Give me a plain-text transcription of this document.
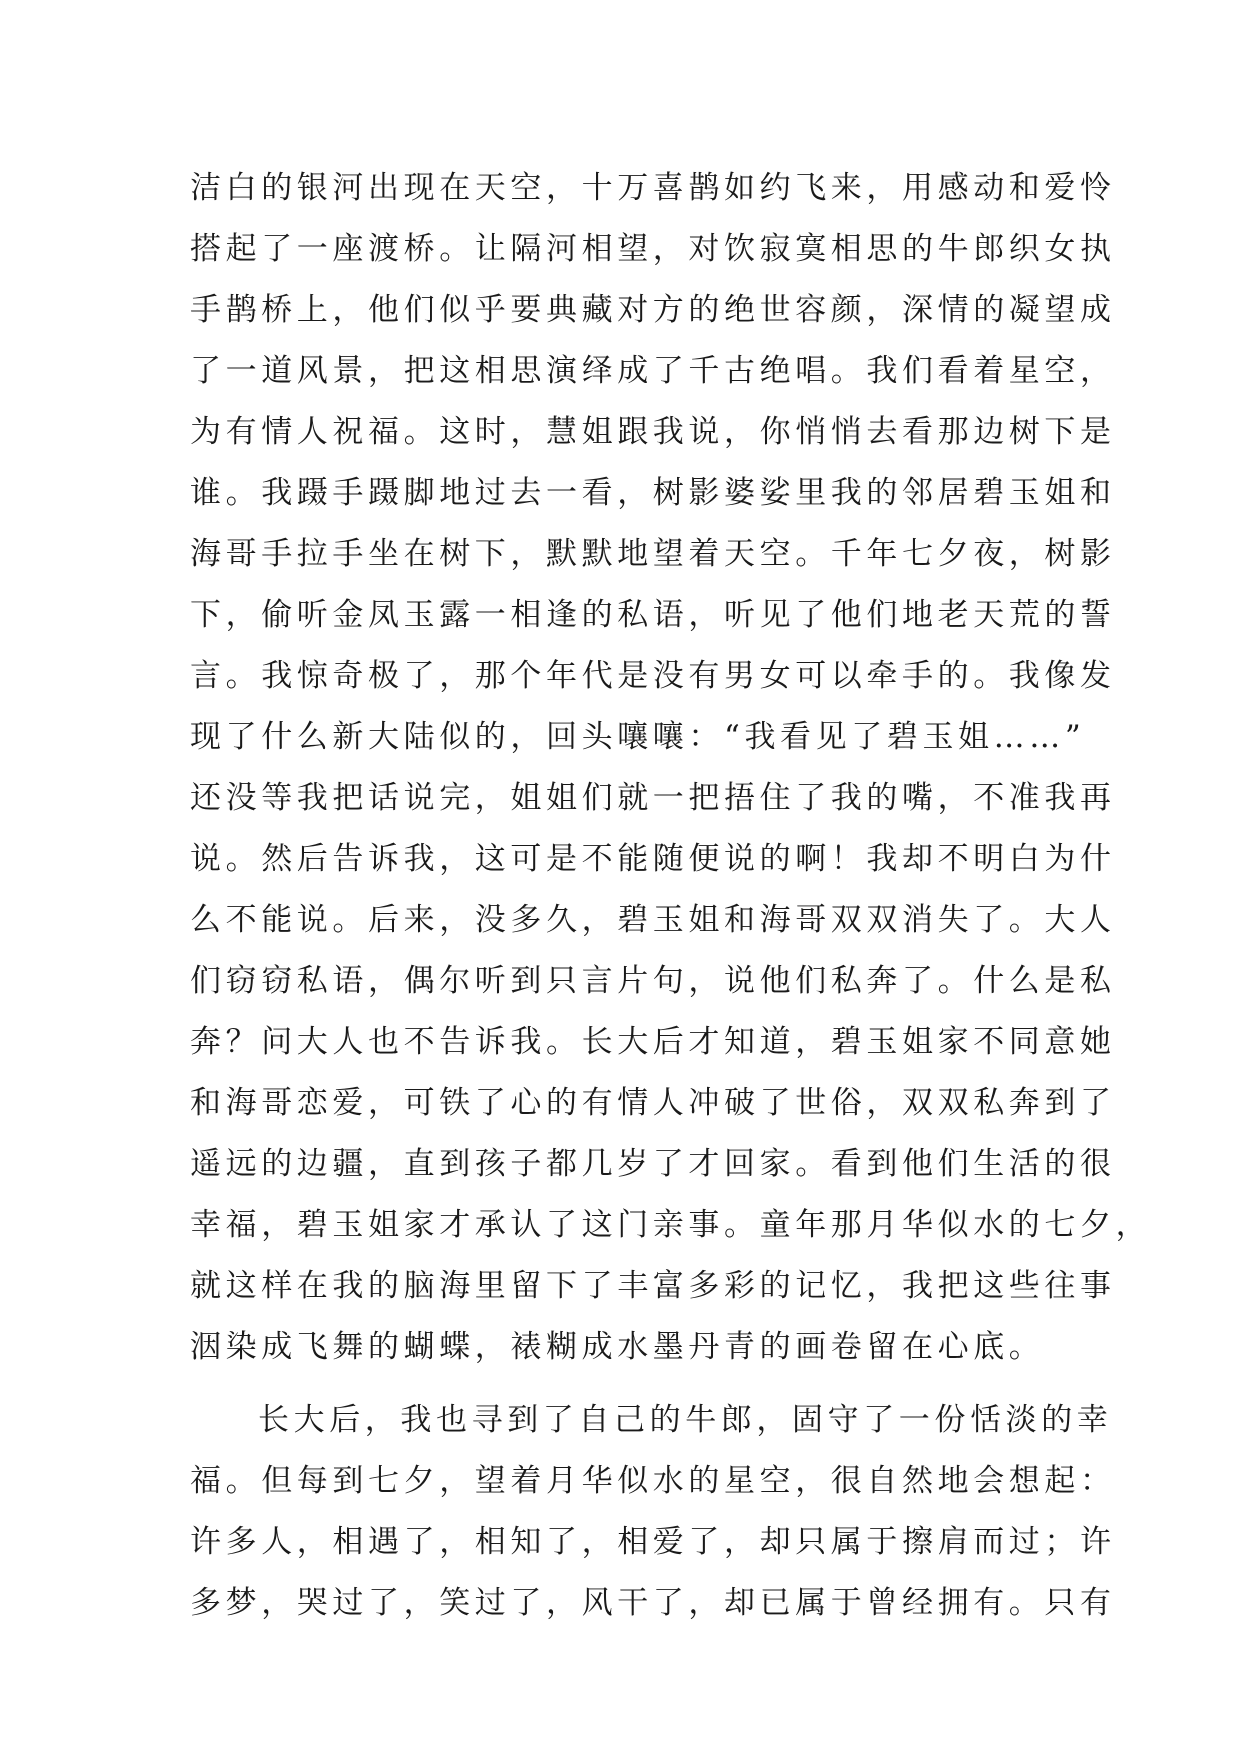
洁白的银河出现在天空，十万喜鹊如约飞来，用感动和爱怜
搭起了一座渡桥。让隔河相望，对饮寂寞相思的牛郎织女执
手鹊桥上，他们似乎要典藏对方的绝世容颜，深情的凝望成
了一道风景，把这相思演绎成了千古绝唱。我们看着星空，
为有情人祝福。这时，慧姐跟我说，你悄悄去看那边树下是
谁。我蹑手蹑脚地过去一看，树影婆娑里我的邻居碧玉姐和
海哥手拉手坐在树下，默默地望着天空。千年七夕夜，树影
下，偷听金凤玉露一相逢的私语，听见了他们地老天荒的誓
言。我惊奇极了，那个年代是没有男女可以牵手的。我像发
现了什么新大陆似的，回头嚷嚷：“我看见了碧玉姐……”
还没等我把话说完，姐姐们就一把捂住了我的嘴，不准我再
说。然后告诉我，这可是不能随便说的啊！我却不明白为什
么不能说。后来，没多久，碧玉姐和海哥双双消失了。大人
们窃窃私语，偶尔听到只言片句，说他们私奔了。什么是私
奔？问大人也不告诉我。长大后才知道，碧玉姐家不同意她
和海哥恋爱，可铁了心的有情人冲破了世俗，双双私奔到了
遥远的边疆，直到孩子都几岁了才回家。看到他们生活的很
幸福，碧玉姐家才承认了这门亲事。童年那月华似水的七夕，
就这样在我的脑海里留下了丰富多彩的记忆，我把这些往事
洇染成飞舞的蝴蝶，裱糊成水墨丹青的画卷留在心底。
长大后，我也寻到了自己的牛郎，固守了一份恬淡的幸
福。但每到七夕，望着月华似水的星空，很自然地会想起：
许多人，相遇了，相知了，相爱了，却只属于擦肩而过；许
多梦，哭过了，笑过了，风干了，却已属于曾经拥有。只有
